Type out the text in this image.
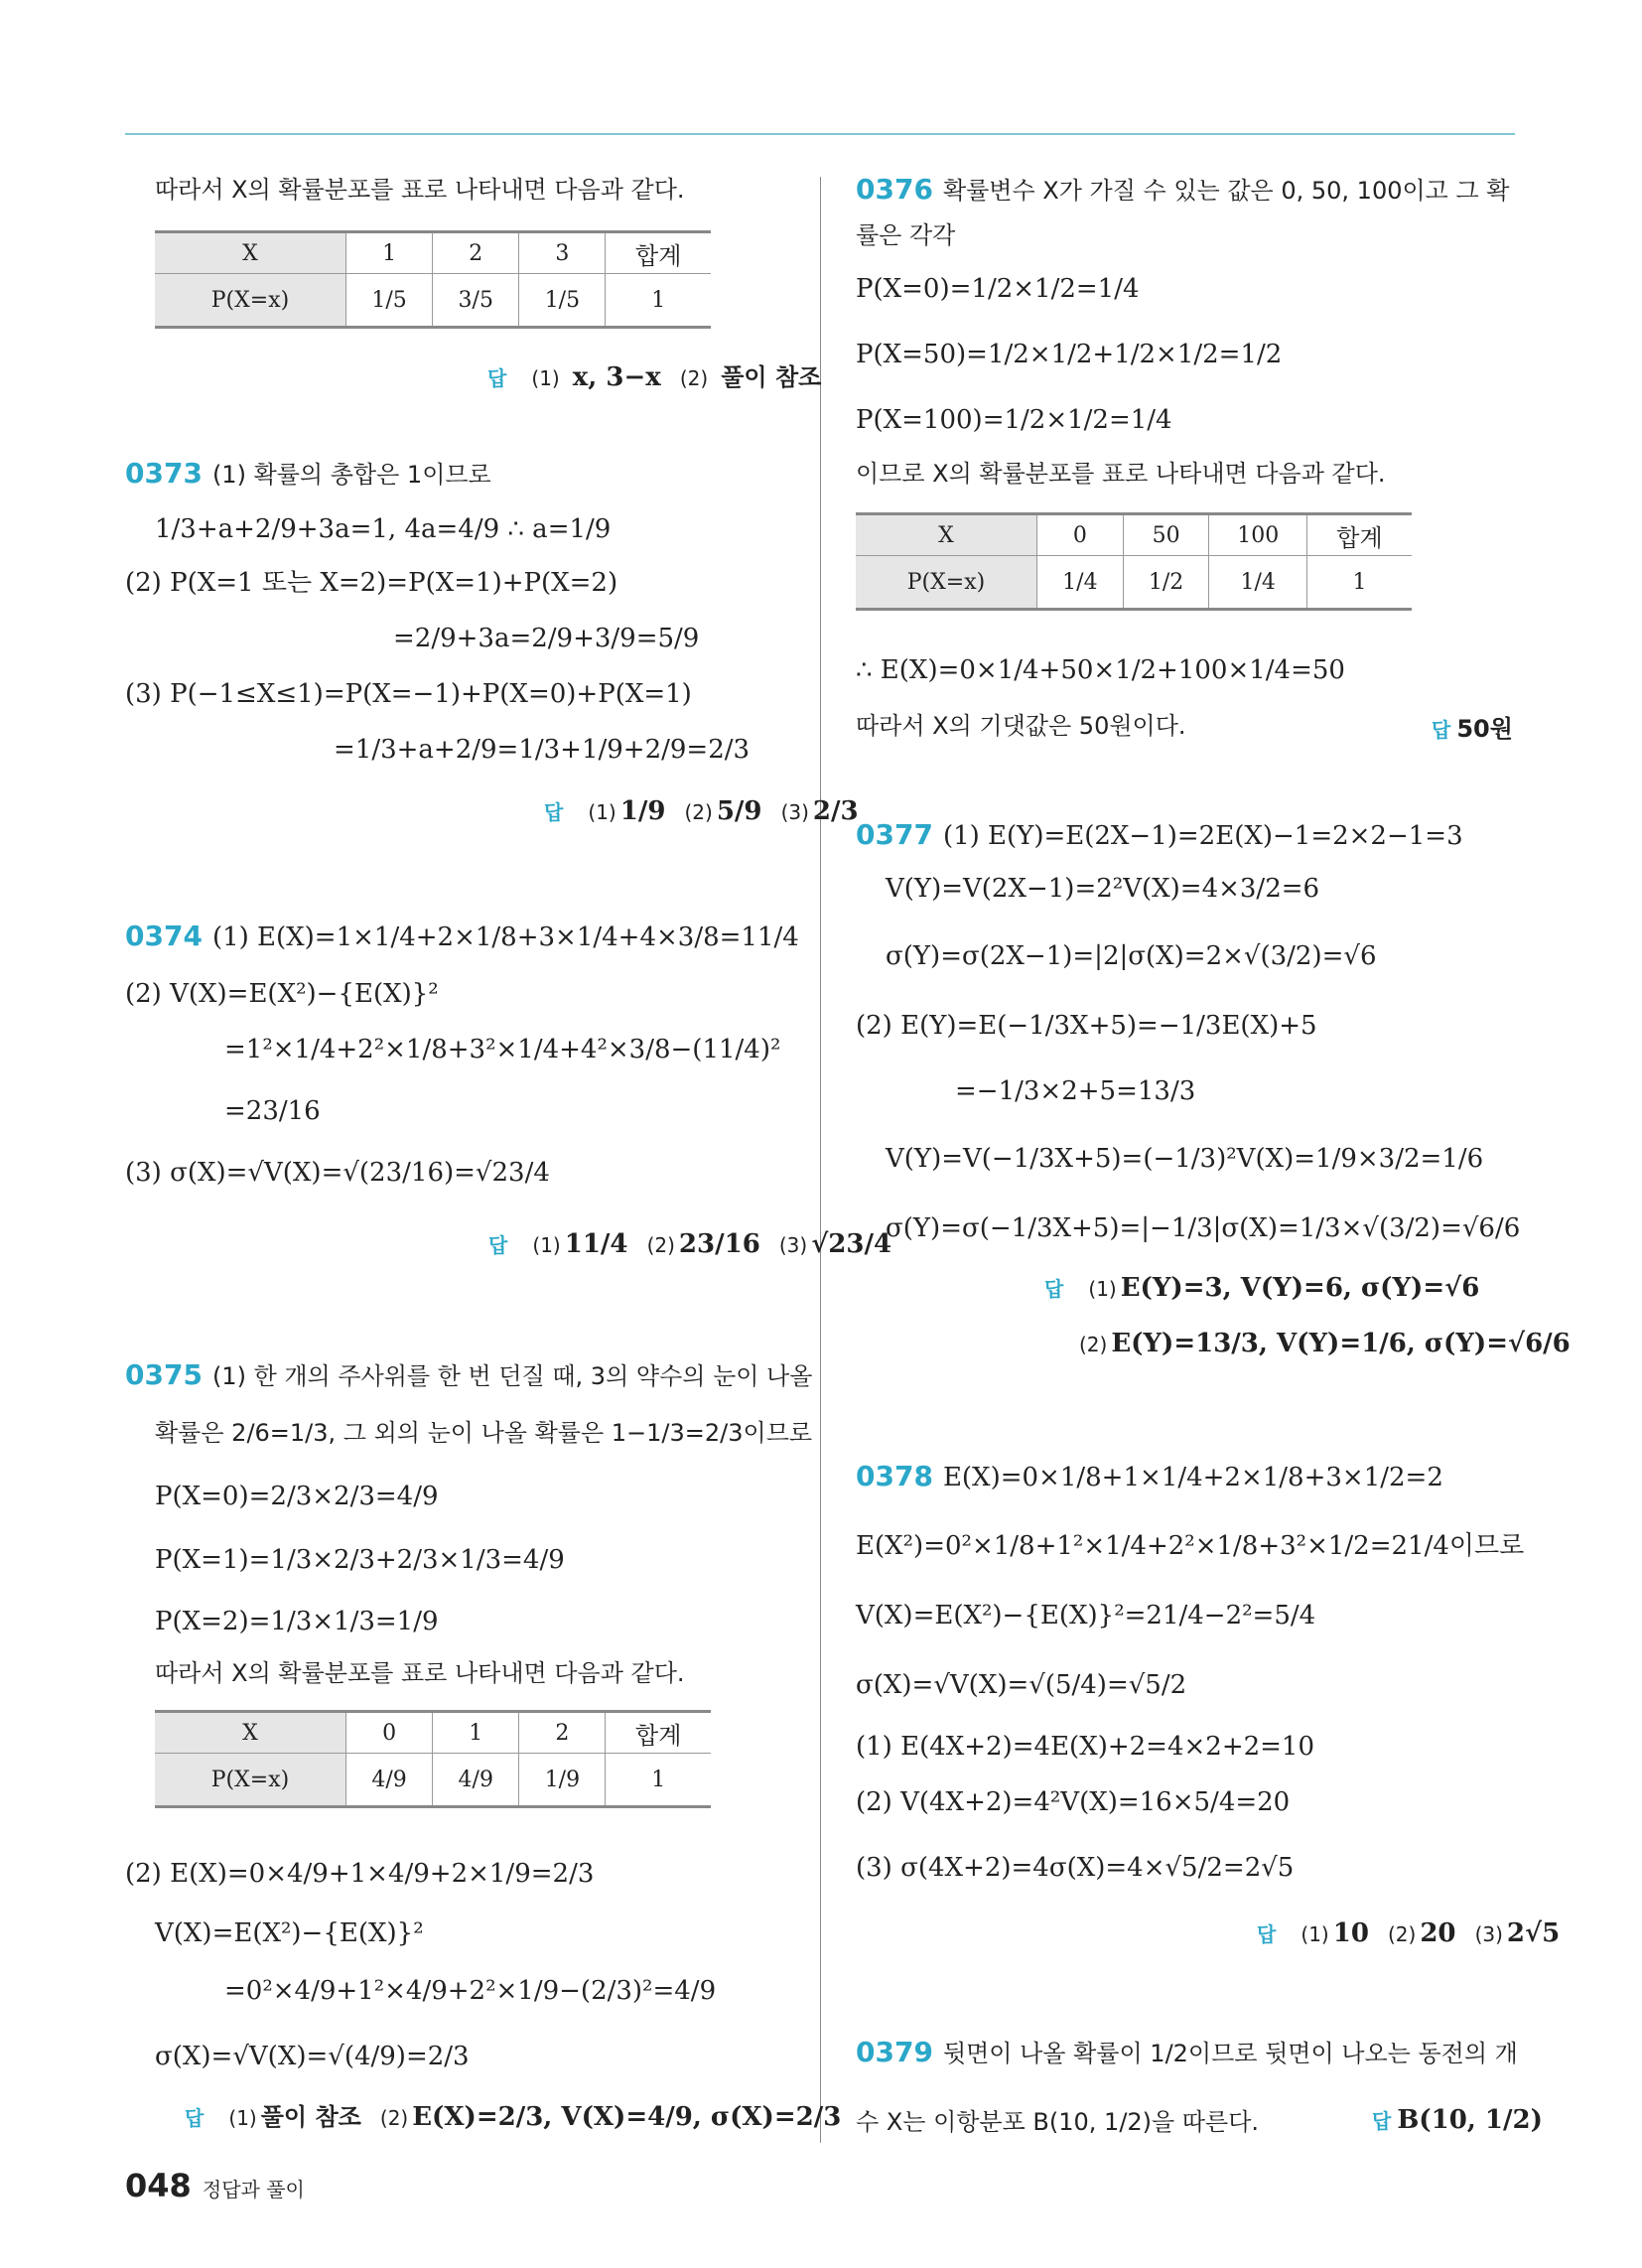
따라서 X의 확률분포를 표로 나타내면 다음과 같다.
X	1	2	3	합계
P(X=x)	1/5	3/5	1/5	1
답 (1) x, 3−x (2) 풀이 참조
0373 (1) 확률의 총합은 1이므로
1/3+a+2/9+3a=1, 4a=4/9 ∴ a=1/9
(2) P(X=1 또는 X=2)=P(X=1)+P(X=2)
=2/9+3a=2/9+3/9=5/9
(3) P(−1≤X≤1)=P(X=−1)+P(X=0)+P(X=1)
=1/3+a+2/9=1/3+1/9+2/9=2/3
답 (1) 1/9 (2) 5/9 (3) 2/3
0374 (1) E(X)=1×1/4+2×1/8+3×1/4+4×3/8=11/4
(2) V(X)=E(X²)−{E(X)}²
=1²×1/4+2²×1/8+3²×1/4+4²×3/8−(11/4)²
=23/16
(3) σ(X)=√V(X)=√(23/16)=√23/4
답 (1) 11/4 (2) 23/16 (3) √23/4
0375 (1) 한 개의 주사위를 한 번 던질 때, 3의 약수의 눈이 나올
확률은 2/6=1/3, 그 외의 눈이 나올 확률은 1−1/3=2/3이므로
P(X=0)=2/3×2/3=4/9
P(X=1)=1/3×2/3+2/3×1/3=4/9
P(X=2)=1/3×1/3=1/9
따라서 X의 확률분포를 표로 나타내면 다음과 같다.
X	0	1	2	합계
P(X=x)	4/9	4/9	1/9	1
(2) E(X)=0×4/9+1×4/9+2×1/9=2/3
V(X)=E(X²)−{E(X)}²
=0²×4/9+1²×4/9+2²×1/9−(2/3)²=4/9
σ(X)=√V(X)=√(4/9)=2/3
답 (1) 풀이 참조 (2) E(X)=2/3, V(X)=4/9, σ(X)=2/3
0376 확률변수 X가 가질 수 있는 값은 0, 50, 100이고 그 확
률은 각각
P(X=0)=1/2×1/2=1/4
P(X=50)=1/2×1/2+1/2×1/2=1/2
P(X=100)=1/2×1/2=1/4
이므로 X의 확률분포를 표로 나타내면 다음과 같다.
X	0	50	100	합계
P(X=x)	1/4	1/2	1/4	1
∴ E(X)=0×1/4+50×1/2+100×1/4=50
따라서 X의 기댓값은 50원이다.	답 50원
0377 (1) E(Y)=E(2X−1)=2E(X)−1=2×2−1=3
V(Y)=V(2X−1)=2²V(X)=4×3/2=6
σ(Y)=σ(2X−1)=|2|σ(X)=2×√(3/2)=√6
(2) E(Y)=E(−1/3X+5)=−1/3E(X)+5
=−1/3×2+5=13/3
V(Y)=V(−1/3X+5)=(−1/3)²V(X)=1/9×3/2=1/6
σ(Y)=σ(−1/3X+5)=|−1/3|σ(X)=1/3×√(3/2)=√6/6
답 (1) E(Y)=3, V(Y)=6, σ(Y)=√6
(2) E(Y)=13/3, V(Y)=1/6, σ(Y)=√6/6
0378 E(X)=0×1/8+1×1/4+2×1/8+3×1/2=2
E(X²)=0²×1/8+1²×1/4+2²×1/8+3²×1/2=21/4이므로
V(X)=E(X²)−{E(X)}²=21/4−2²=5/4
σ(X)=√V(X)=√(5/4)=√5/2
(1) E(4X+2)=4E(X)+2=4×2+2=10
(2) V(4X+2)=4²V(X)=16×5/4=20
(3) σ(4X+2)=4σ(X)=4×√5/2=2√5
답 (1) 10 (2) 20 (3) 2√5
0379 뒷면이 나올 확률이 1/2이므로 뒷면이 나오는 동전의 개
수 X는 이항분포 B(10, 1/2)을 따른다.	답 B(10, 1/2)
048 정답과 풀이
